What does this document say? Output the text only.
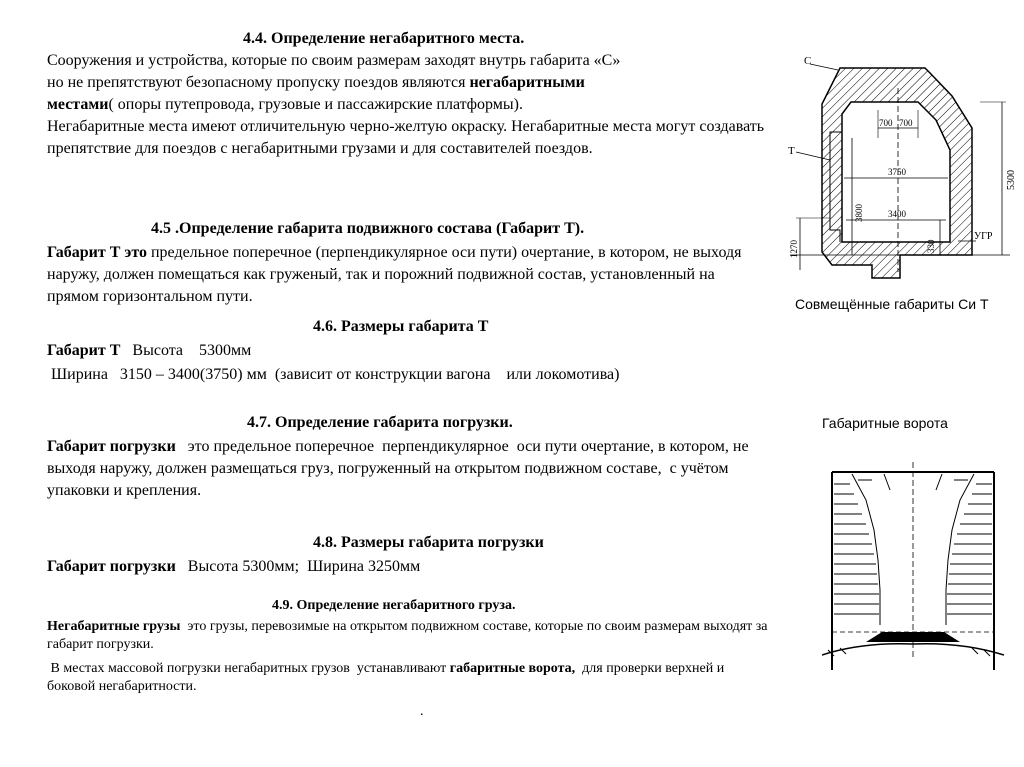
4.4. Определение негабаритного места.
Сооружения и устройства, которые по своим размерам заходят внутрь габарита «С»
но не препятствуют безопасному пропуску поездов являются негабаритными
местами( опоры путепровода, грузовые и пассажирские платформы).
Негабаритные места имеют отличительную черно-желтую окраску. Негабаритные места могут создавать препятствие для поездов с негабаритными грузами и для составителей поездов.
4.5 .Определение габарита подвижного состава (Габарит Т).
Габарит Т это предельное поперечное (перпендикулярное оси пути) очертание, в котором, не выходя наружу, должен помещаться как груженый, так и порожний подвижной состав, установленный на прямом горизонтальном пути.
4.6. Размеры габарита Т
Габарит Т   Высота    5300мм
Ширина   3150 – 3400(3750) мм  (зависит от конструкции вагона    или локомотива)
4.7. Определение габарита погрузки.
Габарит погрузки   это предельное поперечное  перпендикулярное  оси пути очертание, в котором, не выходя наружу, должен размещаться груз, погруженный на открытом подвижном составе,  с учётом упаковки и крепления.
4.8. Размеры габарита погрузки
Габарит погрузки   Высота 5300мм;  Ширина 3250мм
4.9. Определение негабаритного груза.
Негабаритные грузы  это грузы, перевозимые на открытом подвижном составе, которые по своим размерам выходят за габарит погрузки.
В местах массовой погрузки негабаритных грузов  устанавливают габаритные ворота,  для проверки верхней и боковой негабаритности.
.
С
Т
700 700
3750
3400
3800
330
5300
1270
УГР
Совмещённые габариты Си Т
Габаритные ворота
